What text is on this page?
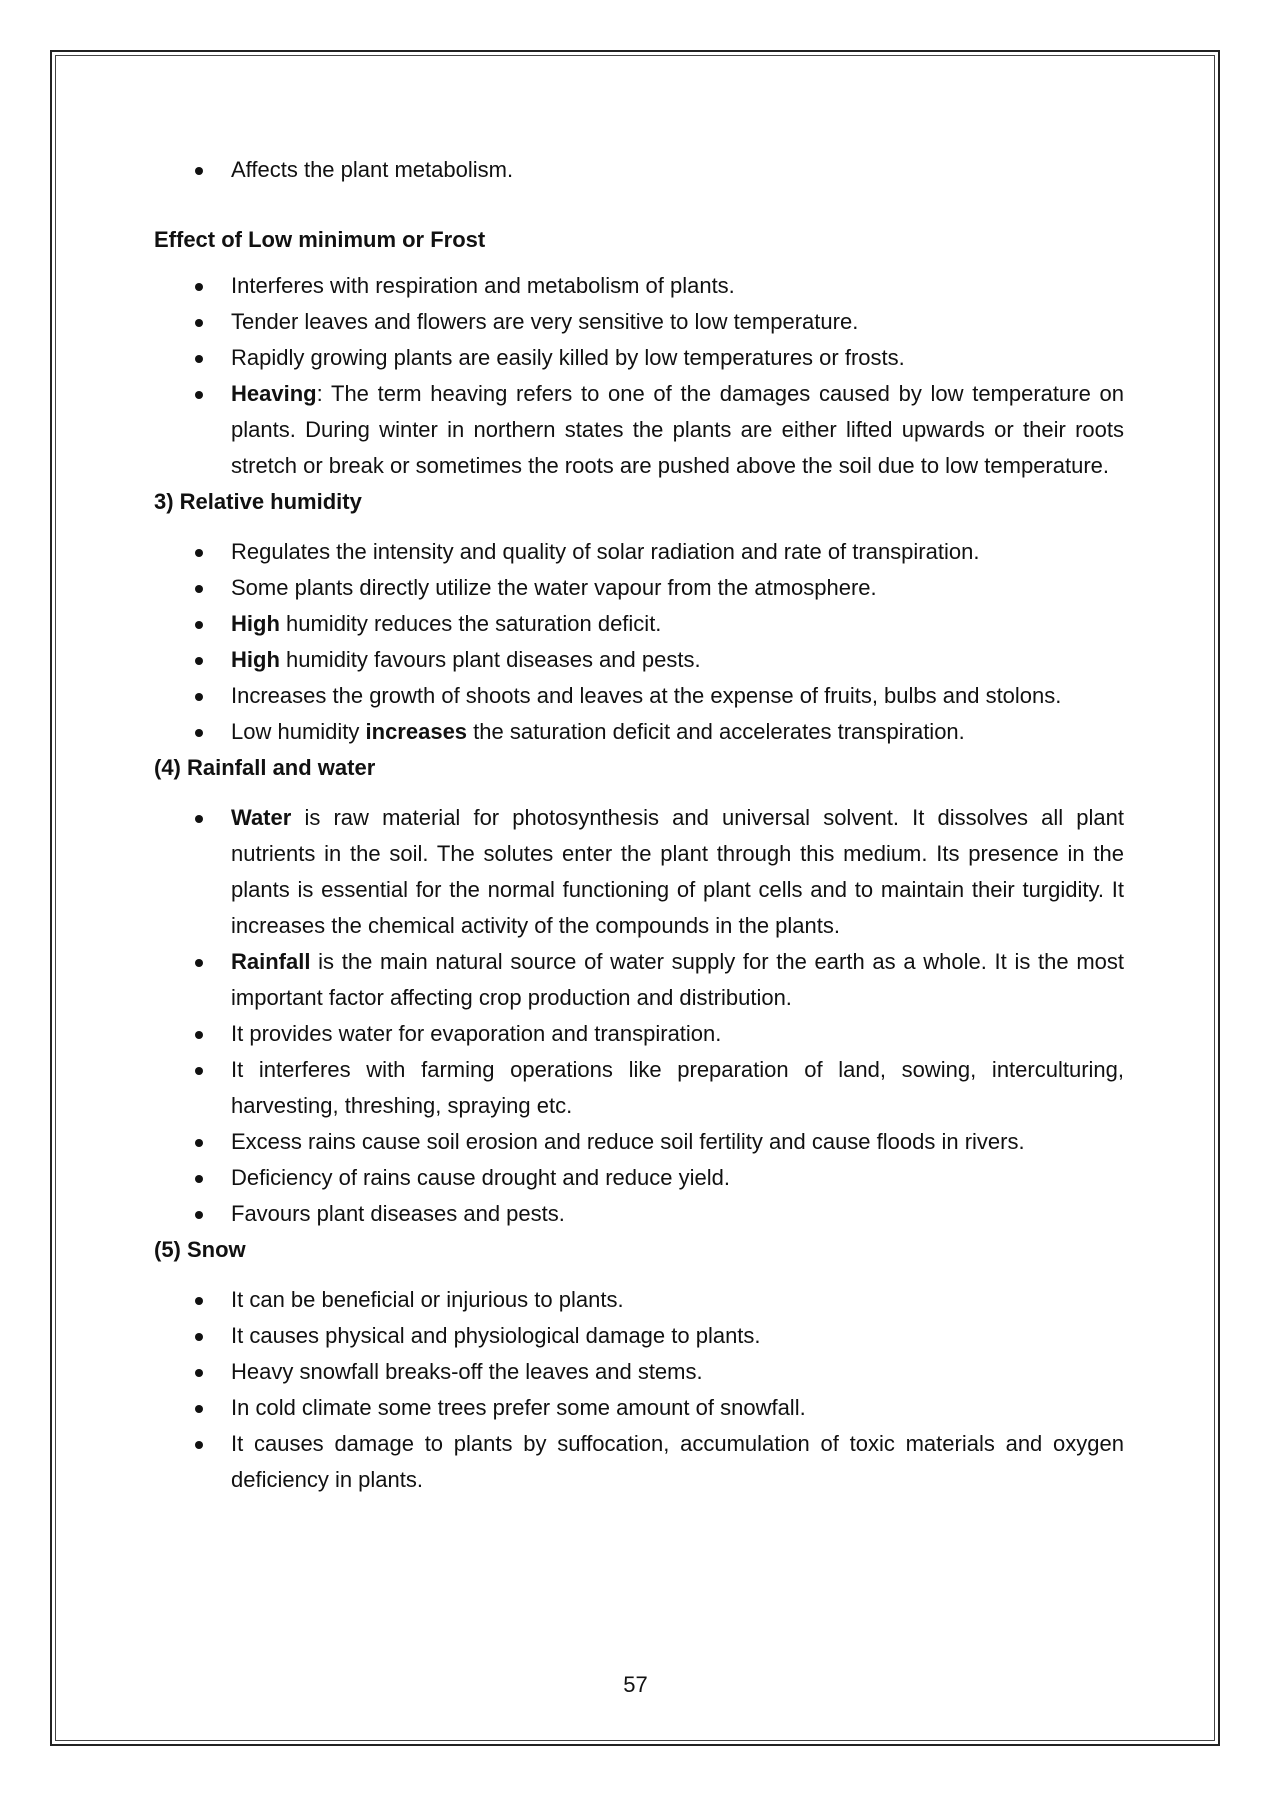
Affects the plant metabolism.
Effect of Low minimum or Frost
Interferes with respiration and metabolism of plants.
Tender leaves and flowers are very sensitive to low temperature.
Rapidly growing plants are easily killed by low temperatures or frosts.
Heaving: The term heaving refers to one of the damages caused by low temperature on plants. During winter in northern states the plants are either lifted upwards or their roots stretch or break or sometimes the roots are pushed above the soil due to low temperature.
3) Relative humidity
Regulates the intensity and quality of solar radiation and rate of transpiration.
Some plants directly utilize the water vapour from the atmosphere.
High humidity reduces the saturation deficit.
High humidity favours plant diseases and pests.
Increases the growth of shoots and leaves at the expense of fruits, bulbs and stolons.
Low humidity increases the saturation deficit and accelerates transpiration.
(4) Rainfall and water
Water is raw material for photosynthesis and universal solvent. It dissolves all plant nutrients in the soil. The solutes enter the plant through this medium. Its presence in the plants is essential for the normal functioning of plant cells and to maintain their turgidity. It increases the chemical activity of the compounds in the plants.
Rainfall is the main natural source of water supply for the earth as a whole. It is the most important factor affecting crop production and distribution.
It provides water for evaporation and transpiration.
It interferes with farming operations like preparation of land, sowing, interculturing, harvesting, threshing, spraying etc.
Excess rains cause soil erosion and reduce soil fertility and cause floods in rivers.
Deficiency of rains cause drought and reduce yield.
Favours plant diseases and pests.
(5) Snow
It can be beneficial or injurious to plants.
It causes physical and physiological damage to plants.
Heavy snowfall breaks-off the leaves and stems.
In cold climate some trees prefer some amount of snowfall.
It causes damage to plants by suffocation, accumulation of toxic materials and oxygen deficiency in plants.
57
